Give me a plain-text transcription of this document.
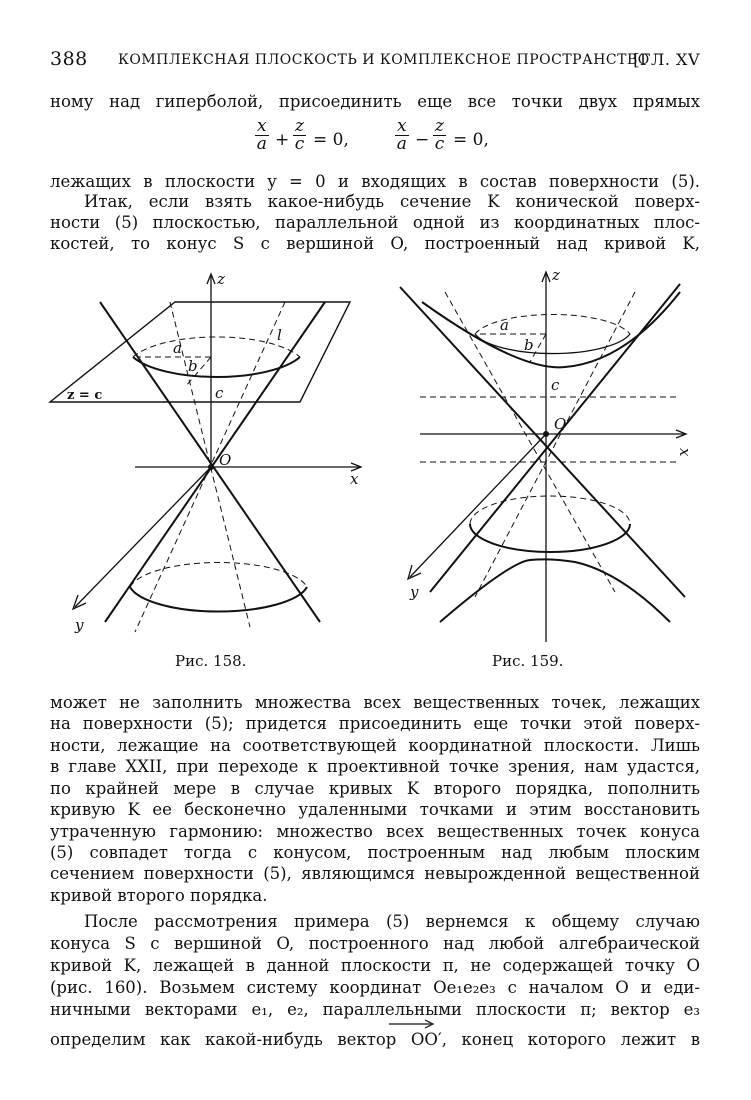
388 КОМПЛЕКСНАЯ ПЛОСКОСТЬ И КОМПЛЕКСНОЕ ПРОСТРАНСТВО
[ГЛ. XV
ному над гиперболой, присоединить еще все точки двух прямых
$\frac{x}{a} + \frac{z}{c} = 0$,	$\frac{x}{a} - \frac{z}{c} = 0$,
лежащих в плоскости y = 0 и входящих в состав поверхности (5).
Итак, если взять какое-нибудь сечение K конической поверх-
ности (5) плоскостью, параллельной одной из координатных плос-
костей, то конус S с вершиной O, построенный над кривой K,
z
x
y
O
a
b
c
l
z = c
z
x
y
O
a
b
c
Рис. 158.	Рис. 159.
может не заполнить множества всех вещественных точек, лежащих
на поверхности (5); придется присоединить еще точки этой поверх-
ности, лежащие на соответствующей координатной плоскости. Лишь
в главе XXII, при переходе к проективной точке зрения, нам удастся,
по крайней мере в случае кривых K второго порядка, пополнить
кривую K ее бесконечно удаленными точками и этим восстановить
утраченную гармонию: множество всех вещественных точек конуса
(5) совпадет тогда с конусом, построенным над любым плоским
сечением поверхности (5), являющимся невырожденной вещественной
кривой второго порядка.
После рассмотрения примера (5) вернемся к общему случаю
конуса S с вершиной O, построенного над любой алгебраической
кривой K, лежащей в данной плоскости π, не содержащей точку O
(рис. 160). Возьмем систему координат Oe₁e₂e₃ с началом O и еди-
ничными векторами e₁, e₂, параллельными плоскости π; вектор e₃
определим как какой-нибудь вектор OO′, конец которого лежит в
